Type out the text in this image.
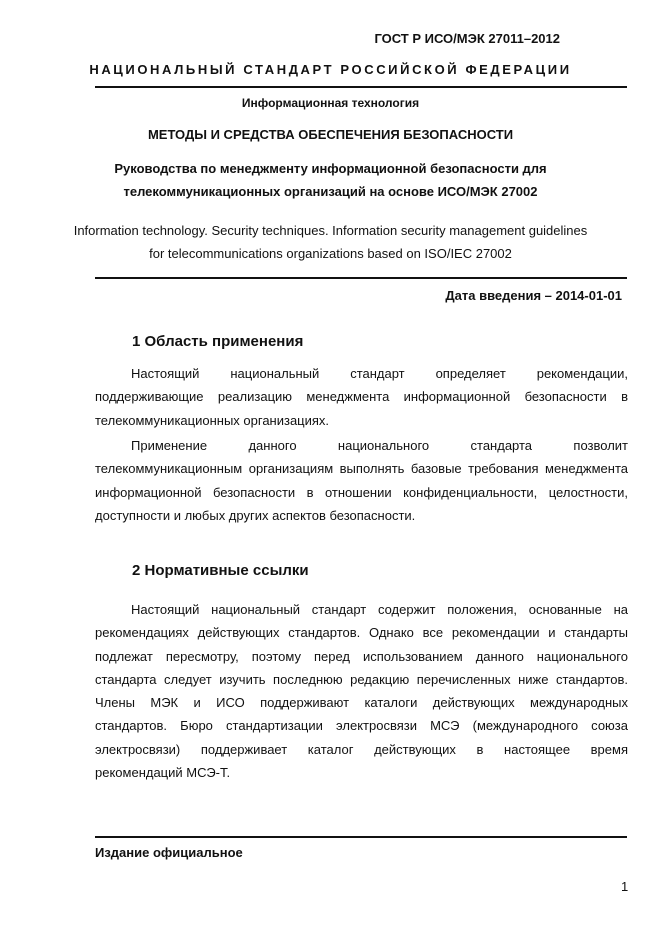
ГОСТ Р ИСО/МЭК 27011–2012
НАЦИОНАЛЬНЫЙ СТАНДАРТ РОССИЙСКОЙ ФЕДЕРАЦИИ
Информационная технология
МЕТОДЫ И СРЕДСТВА ОБЕСПЕЧЕНИЯ БЕЗОПАСНОСТИ
Руководства по менеджменту информационной безопасности для
телекоммуникационных организаций на основе ИСО/МЭК 27002
Information technology. Security techniques. Information security management guidelines
for telecommunications organizations based on ISO/IEC 27002
Дата введения – 2014-01-01
1 Область применения
Настоящий национальный стандарт определяет рекомендации,
поддерживающие реализацию менеджмента информационной безопасности в
телекоммуникационных организациях.
Применение данного национального стандарта позволит
телекоммуникационным организациям выполнять базовые требования менеджмента
информационной безопасности в отношении конфиденциальности, целостности,
доступности и любых других аспектов безопасности.
2 Нормативные ссылки
Настоящий национальный стандарт содержит положения, основанные на
рекомендациях действующих стандартов. Однако все рекомендации и стандарты
подлежат пересмотру, поэтому перед использованием данного национального
стандарта следует изучить последнюю редакцию перечисленных ниже стандартов.
Члены МЭК и ИСО поддерживают каталоги действующих международных
стандартов. Бюро стандартизации электросвязи МСЭ (международного союза
электросвязи) поддерживает каталог действующих в настоящее время
рекомендаций МСЭ-Т.
Издание официальное
1
